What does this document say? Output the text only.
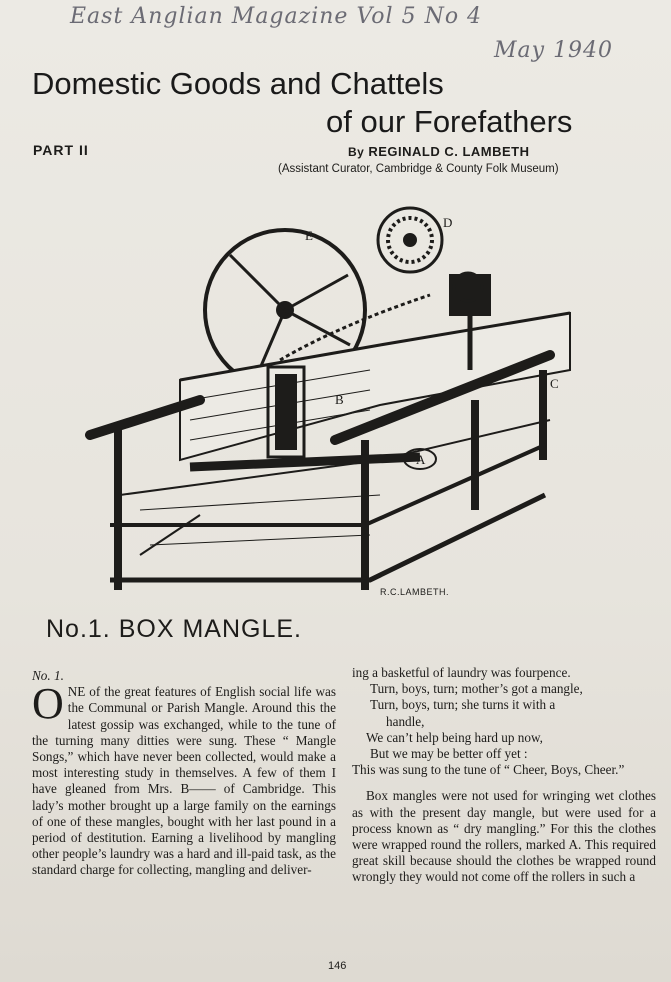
East Anglian Magazine Vol 5 No 4
May 1940
Domestic Goods and Chattels
of our Forefathers
PART II	By REGINALD C. LAMBETH
(Assistant Curator, Cambridge & County Folk Museum)
E
D
B
C
A
R.C.LAMBETH.
No.1. BOX MANGLE.

No. 1.

ONE of the great features of English social life was the Communal or Parish Mangle. Around this the latest gossip was exchanged, while to the tune of the turning many ditties were sung. These “ Mangle Songs,” which have never been collected, would make a most interesting study in themselves. A few of them I have gleaned from Mrs. B—— of Cambridge. This lady’s mother brought up a large family on the earnings of one of these mangles, bought with her last pound in a period of destitution. Earning a livelihood by mangling other people’s laundry was a hard and ill-paid task, as the standard charge for collecting, mangling and deliver-

ing a basketful of laundry was fourpence.

Turn, boys, turn; mother’s got a mangle,
Turn, boys, turn; she turns it with a
handle,
We can’t help being hard up now,
But we may be better off yet :

This was sung to the tune of “ Cheer, Boys, Cheer.”

Box mangles were not used for wringing wet clothes as with the present day mangle, but were used for a process known as “ dry mangling.” For this the clothes were wrapped round the rollers, marked A. This required great skill because should the clothes be wrapped round wrongly they would not come off the rollers in such a

146
